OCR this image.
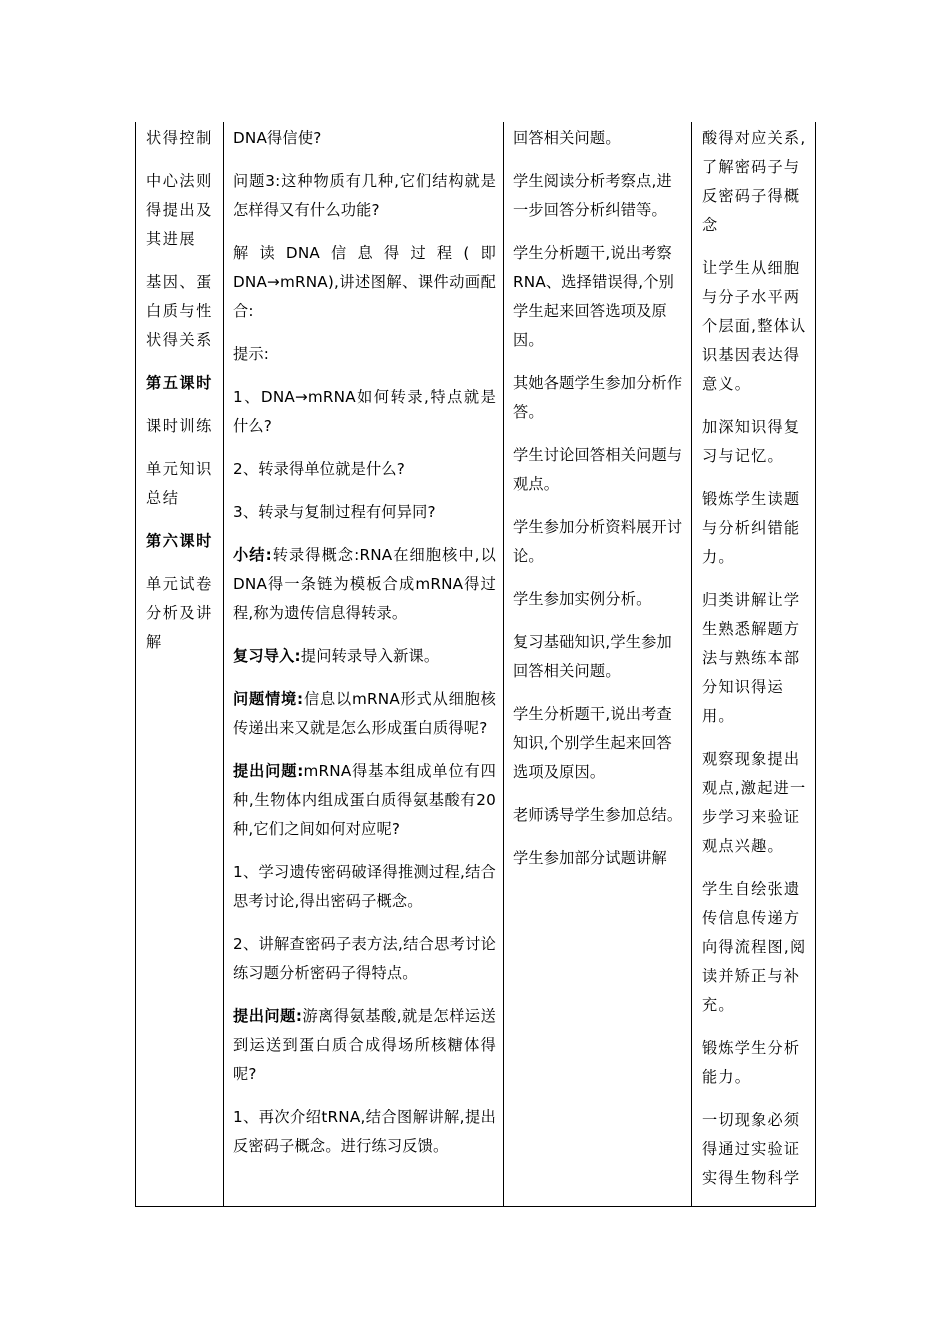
状得控制

中心法则得提出及其进展

基因、蛋白质与性状得关系

第五课时

课时训练

单元知识总结

第六课时

单元试卷分析及讲解

DNA得信使?

问题3:这种物质有几种,它们结构就是怎样得又有什么功能?

解读DNA信息得过程(即DNA→mRNA),讲述图解、课件动画配合:

提示:

1、DNA→mRNA如何转录,特点就是什么?

2、转录得单位就是什么?

3、转录与复制过程有何异同?

小结:转录得概念:RNA在细胞核中,以DNA得一条链为模板合成mRNA得过程,称为遗传信息得转录。

复习导入:提问转录导入新课。

问题情境:信息以mRNA形式从细胞核传递出来又就是怎么形成蛋白质得呢?

提出问题:mRNA得基本组成单位有四种,生物体内组成蛋白质得氨基酸有20种,它们之间如何对应呢?

1、学习遗传密码破译得推测过程,结合思考讨论,得出密码子概念。

2、讲解查密码子表方法,结合思考讨论练习题分析密码子得特点。

提出问题:游离得氨基酸,就是怎样运送到运送到蛋白质合成得场所核糖体得呢?

1、再次介绍tRNA,结合图解讲解,提出反密码子概念。进行练习反馈。

回答相关问题。

学生阅读分析考察点,进一步回答分析纠错等。

学生分析题干,说出考察RNA、选择错误得,个别学生起来回答选项及原因。

其她各题学生参加分析作答。

学生讨论回答相关问题与观点。

学生参加分析资料展开讨论。

学生参加实例分析。

复习基础知识,学生参加回答相关问题。

学生分析题干,说出考查知识,个别学生起来回答选项及原因。

老师诱导学生参加总结。

学生参加部分试题讲解

酸得对应关系,了解密码子与反密码子得概念

让学生从细胞与分子水平两个层面,整体认识基因表达得意义。

加深知识得复习与记忆。

锻炼学生读题与分析纠错能力。

归类讲解让学生熟悉解题方法与熟练本部分知识得运用。

观察现象提出观点,激起进一步学习来验证观点兴趣。

学生自绘张遗传信息传递方向得流程图,阅读并矫正与补充。

锻炼学生分析能力。

一切现象必须得通过实验证实得生物科学
